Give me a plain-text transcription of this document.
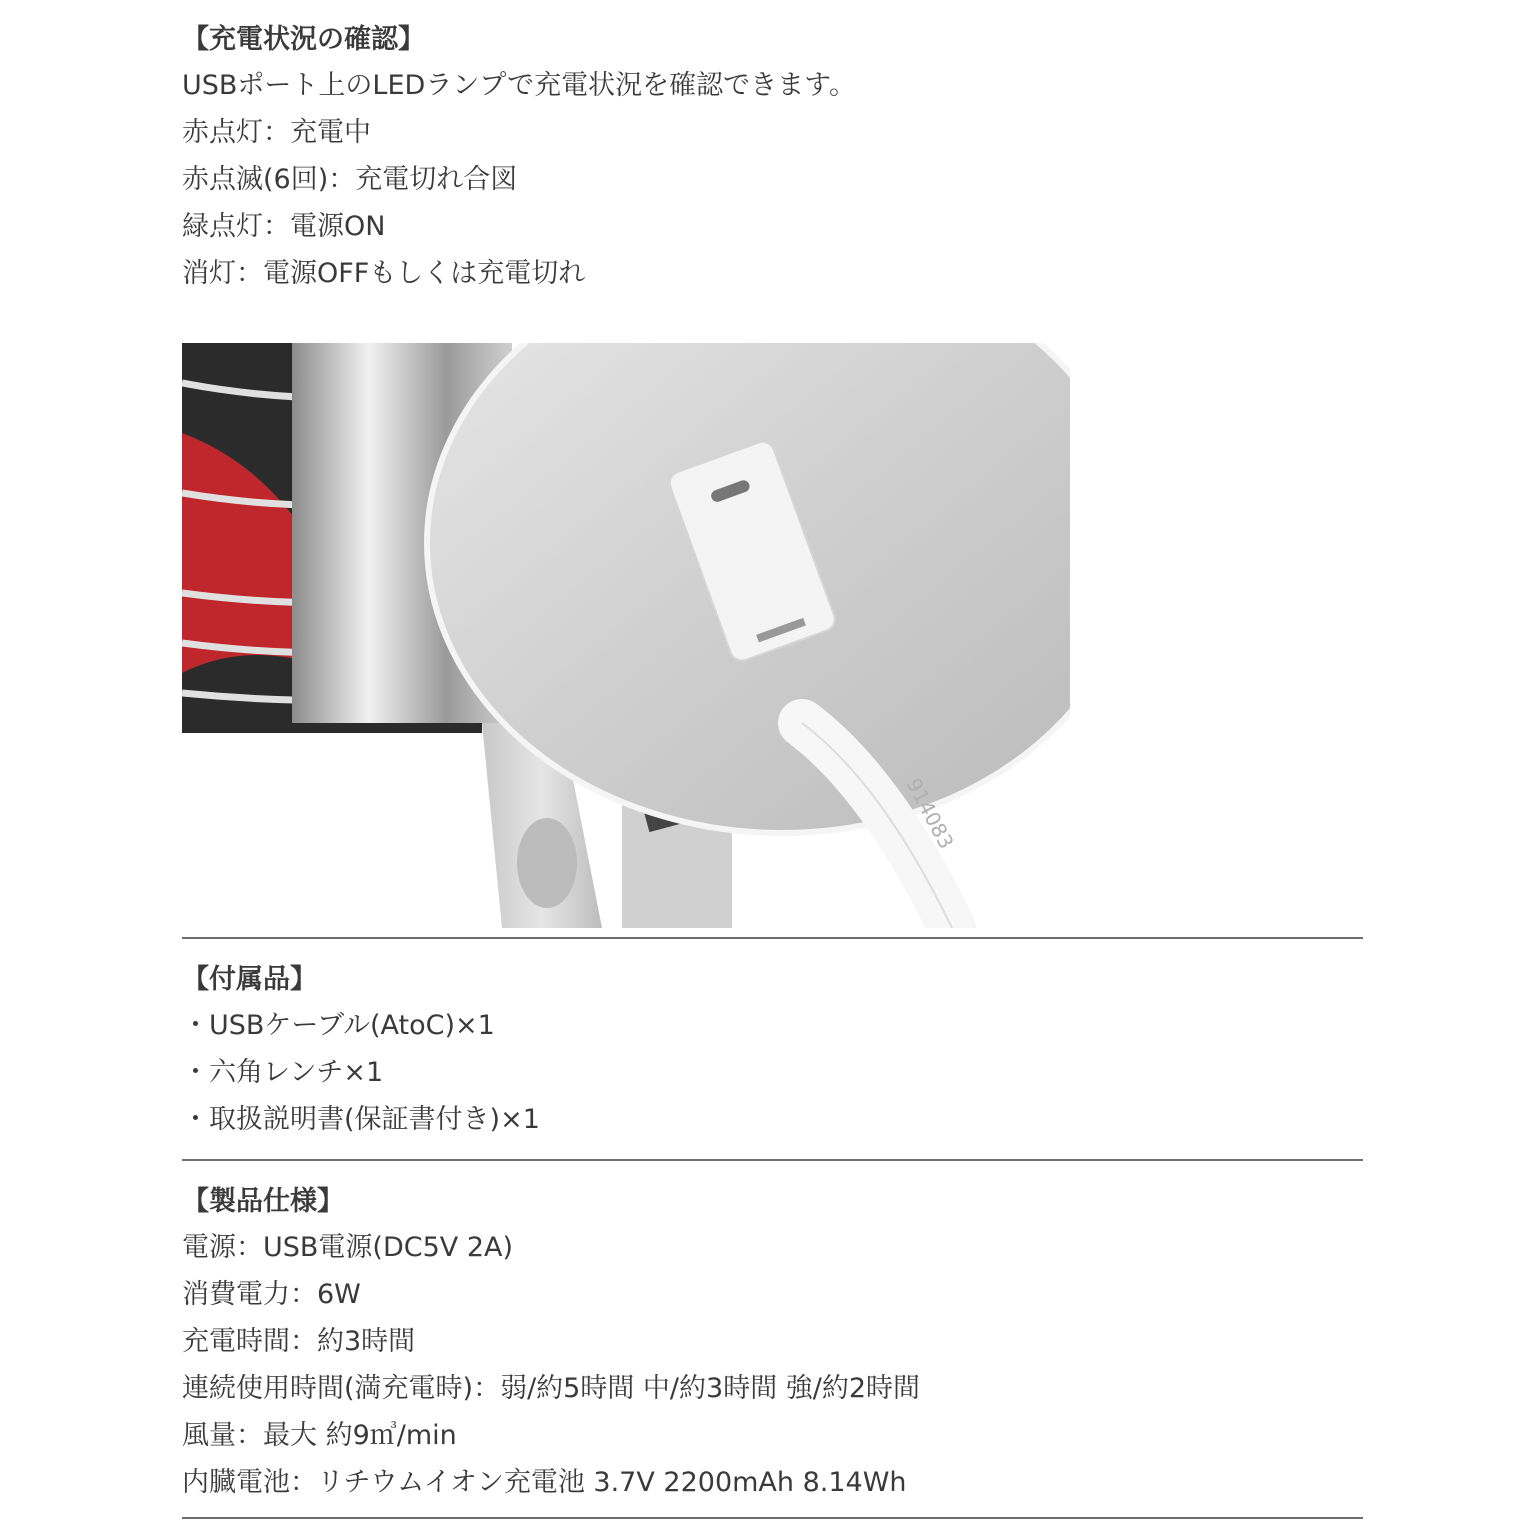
【充電状況の確認】
USBポート上のLEDランプで充電状況を確認できます。
赤点灯：充電中
赤点滅(6回)：充電切れ合図
緑点灯：電源ON
消灯：電源OFFもしくは充電切れ
914083
【付属品】
・USBケーブル(AtoC)×1
・六角レンチ×1
・取扱説明書(保証書付き)×1
【製品仕様】
電源：USB電源(DC5V 2A)
消費電力：6W
充電時間：約3時間
連続使用時間(満充電時)：弱/約5時間 中/約3時間 強/約2時間
風量：最大 約9㎥/min
内臓電池：リチウムイオン充電池 3.7V 2200mAh 8.14Wh
